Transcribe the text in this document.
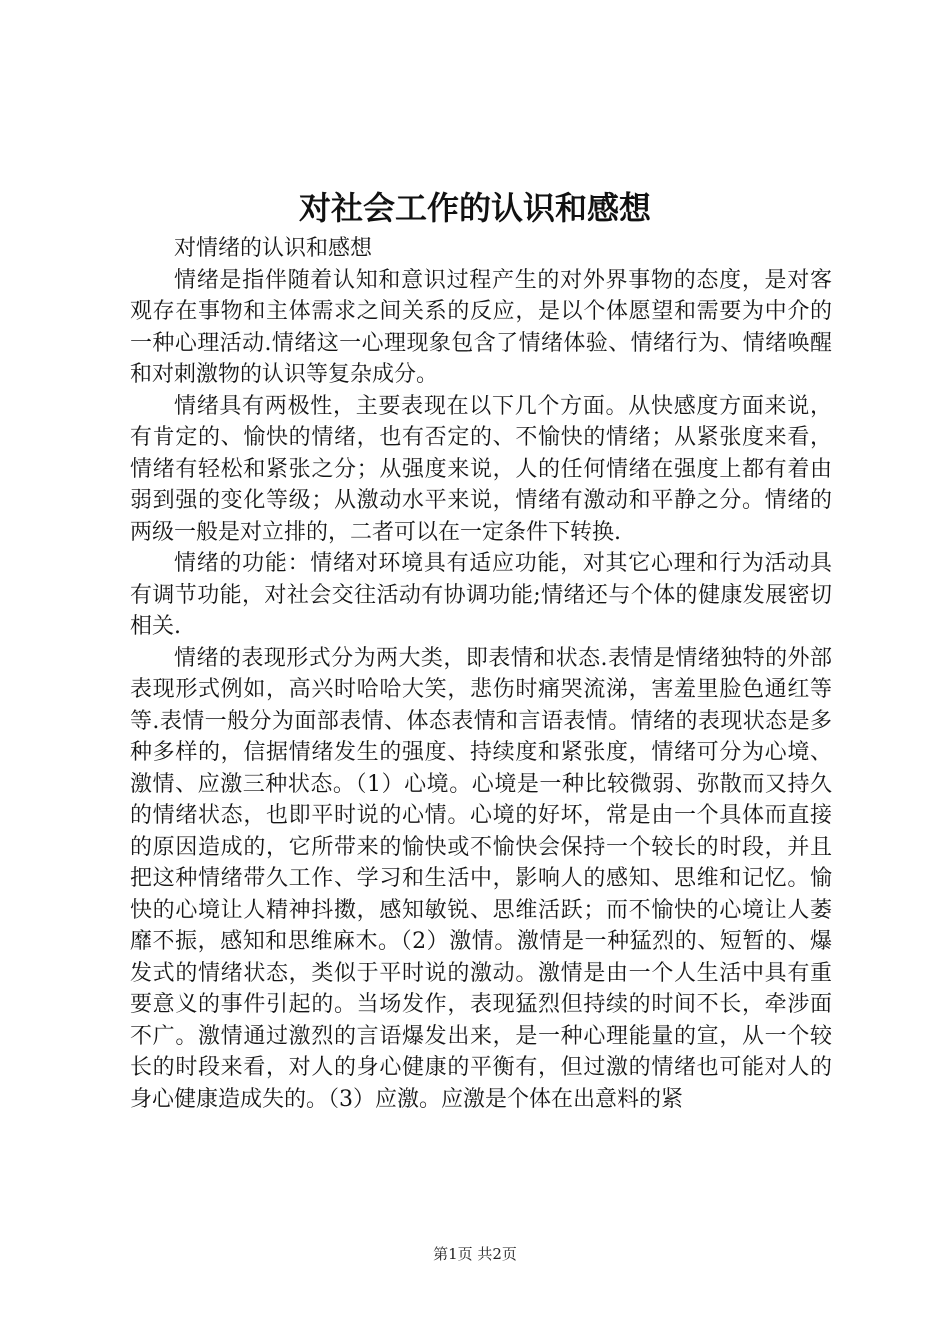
对社会工作的认识和感想

对情绪的认识和感想

情绪是指伴随着认知和意识过程产生的对外界事物的态度，是对客观存在事物和主体需求之间关系的反应，是以个体愿望和需要为中介的一种心理活动.情绪这一心理现象包含了情绪体验、情绪行为、情绪唤醒和对刺激物的认识等复杂成分。

情绪具有两极性，主要表现在以下几个方面。从快感度方面来说，有肯定的、愉快的情绪，也有否定的、不愉快的情绪；从紧张度来看，情绪有轻松和紧张之分；从强度来说，人的任何情绪在强度上都有着由弱到强的变化等级；从激动水平来说，情绪有激动和平静之分。情绪的两级一般是对立排的，二者可以在一定条件下转换.

情绪的功能：情绪对环境具有适应功能，对其它心理和行为活动具有调节功能，对社会交往活动有协调功能;情绪还与个体的健康发展密切相关.

情绪的表现形式分为两大类，即表情和状态.表情是情绪独特的外部表现形式例如，高兴时哈哈大笑，悲伤时痛哭流涕，害羞里脸色通红等等.表情一般分为面部表情、体态表情和言语表情。情绪的表现状态是多种多样的，信据情绪发生的强度、持续度和紧张度，情绪可分为心境、激情、应激三种状态。（1）心境。心境是一种比较微弱、弥散而又持久的情绪状态，也即平时说的心情。心境的好坏，常是由一个具体而直接的原因造成的，它所带来的愉快或不愉快会保持一个较长的时段，并且把这种情绪带久工作、学习和生活中，影响人的感知、思维和记忆。愉快的心境让人精神抖擞，感知敏锐、思维活跃；而不愉快的心境让人萎靡不振，感知和思维麻木。（2）激情。激情是一种猛烈的、短暂的、爆发式的情绪状态，类似于平时说的激动。激情是由一个人生活中具有重要意义的事件引起的。当场发作，表现猛烈但持续的时间不长，牵涉面不广。激情通过激烈的言语爆发出来，是一种心理能量的宣，从一个较长的时段来看，对人的身心健康的平衡有，但过激的情绪也可能对人的身心健康造成失的。（3）应激。应激是个体在出意料的紧

第1页 共2页
